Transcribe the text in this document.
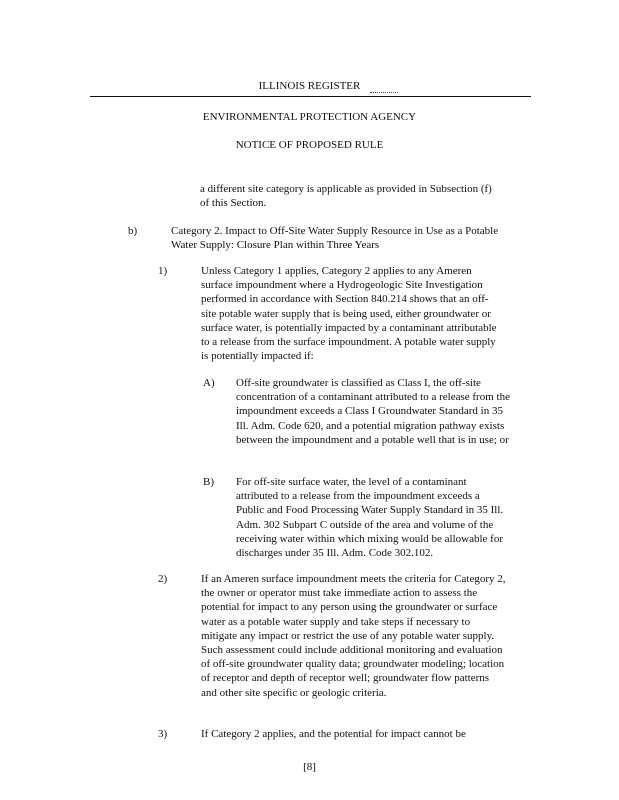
ILLINOIS REGISTER
ENVIRONMENTAL PROTECTION AGENCY
NOTICE OF PROPOSED RULE
a different site category is applicable as provided in Subsection (f) of this Section.
b)	Category 2. Impact to Off-Site Water Supply Resource in Use as a Potable Water Supply: Closure Plan within Three Years
1)	Unless Category 1 applies, Category 2 applies to any Ameren surface impoundment where a Hydrogeologic Site Investigation performed in accordance with Section 840.214 shows that an off-site potable water supply that is being used, either groundwater or surface water, is potentially impacted by a contaminant attributable to a release from the surface impoundment. A potable water supply is potentially impacted if:
A) Off-site groundwater is classified as Class I, the off-site concentration of a contaminant attributed to a release from the impoundment exceeds a Class I Groundwater Standard in 35 Ill. Adm. Code 620, and a potential migration pathway exists between the impoundment and a potable well that is in use; or
B) For off-site surface water, the level of a contaminant attributed to a release from the impoundment exceeds a Public and Food Processing Water Supply Standard in 35 Ill. Adm. 302 Subpart C outside of the area and volume of the receiving water within which mixing would be allowable for discharges under 35 Ill. Adm. Code 302.102.
2)	If an Ameren surface impoundment meets the criteria for Category 2, the owner or operator must take immediate action to assess the potential for impact to any person using the groundwater or surface water as a potable water supply and take steps if necessary to mitigate any impact or restrict the use of any potable water supply. Such assessment could include additional monitoring and evaluation of off-site groundwater quality data; groundwater modeling; location of receptor and depth of receptor well; groundwater flow patterns and other site specific or geologic criteria.
3)	If Category 2 applies, and the potential for impact cannot be
[8]
